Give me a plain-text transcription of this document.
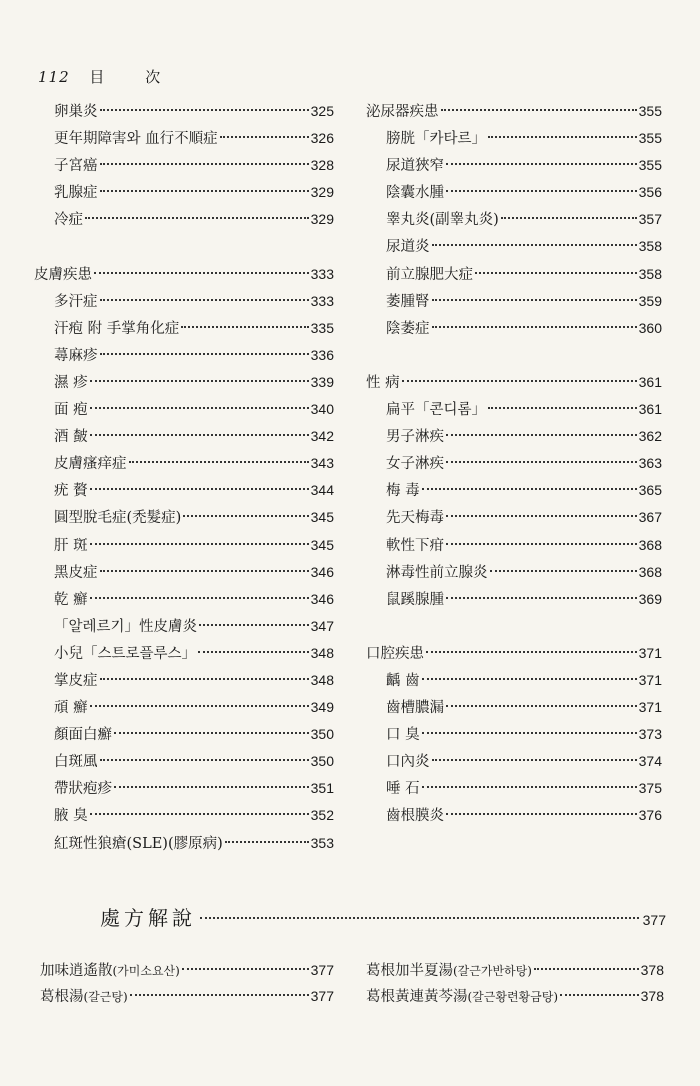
112 目 次
卵巣炎	325
更年期障害와 血行不順症	326
子宮癌	328
乳腺症	329
冷症	329
皮膚疾患	333
多汗症	333
汗疱 附 手掌角化症	335
蕁麻疹	336
濕 疹	339
面 疱	340
酒 皶	342
皮膚瘙痒症	343
疣 贅	344
圓型脫毛症(禿髮症)	345
肝 斑	345
黑皮症	346
乾 癬	346
「알레르기」性皮膚炎	347
小兒「스트로플루스」	348
掌皮症	348
頑 癬	349
顏面白癬	350
白斑風	350
帶狀疱疹	351
腋 臭	352
紅斑性狼瘡(SLE)(膠原病)	353
泌尿器疾患	355
膀胱「카타르」	355
尿道狹窄	355
陰囊水腫	356
睾丸炎(副睾丸炎)	357
尿道炎	358
前立腺肥大症	358
萎腫腎	359
陰萎症	360
性 病	361
扁平「콘디롬」	361
男子淋疾	362
女子淋疾	363
梅 毒	365
先天梅毒	367
軟性下疳	368
淋毒性前立腺炎	368
鼠蹊腺腫	369
口腔疾患	371
齲 齒	371
齒槽膿漏	371
口 臭	373
口內炎	374
唾 石	375
齒根膜炎	376
處方解說	377
加味逍遙散 (가미소요산)	377
葛根湯 (갈근탕)	377
葛根加半夏湯 (갈근가반하탕)	378
葛根黃連黃芩湯 (갈근황련황금탕)	378
